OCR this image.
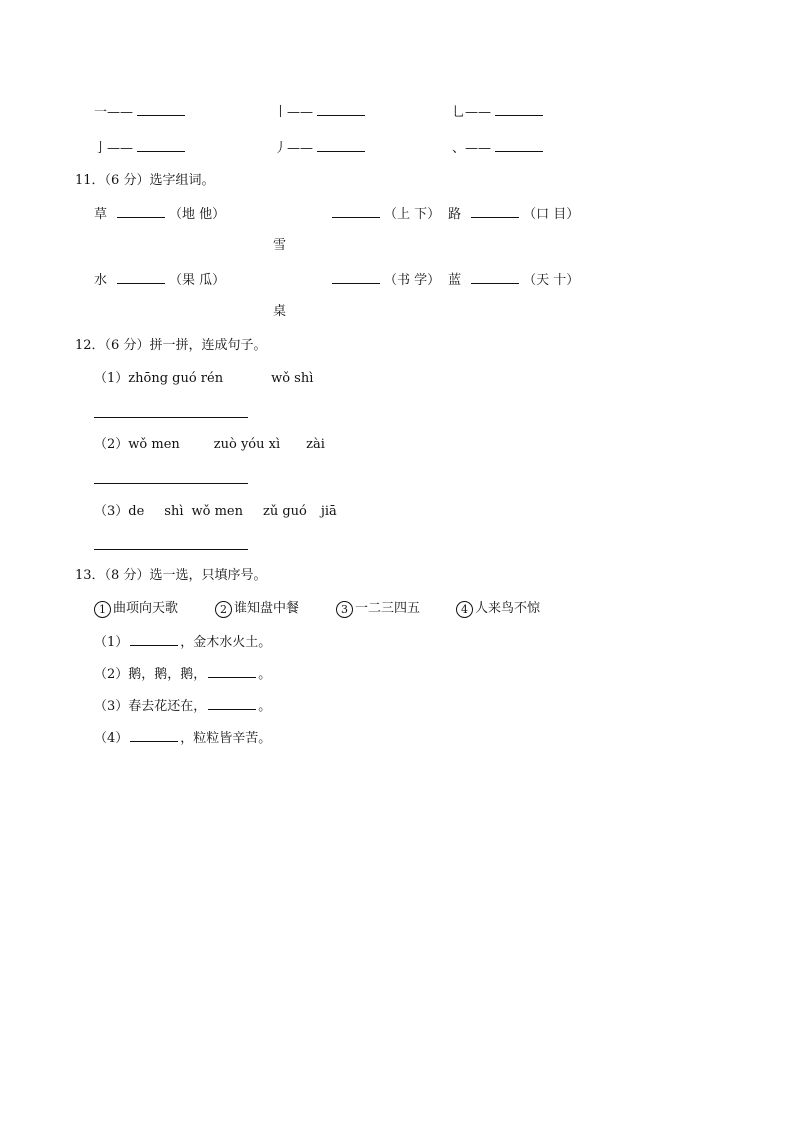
一——	丨——	乚——
亅——	丿——	、——
11．（6 分）选字组词。
草	（地 他）	（上 下） 路	（口 目）
雪
水	（果 瓜）	（书 学） 蓝	（天 十）
桌
12．（6 分）拼一拼，连成句子。
（1）zhōng guó rén	wǒ shì
（2）wǒ men	zuò yóu xì zài
（3）de shì wǒ men zǔ guó jiā
13．（8 分）选一选，只填序号。
1 曲项向天歌	2 谁知盘中餐	3 一二三四五	4 人来鸟不惊
（1）	，金木水火土。
（2）鹅，鹅，鹅，	。
（3）春去花还在，	。
（4）	，粒粒皆辛苦。
